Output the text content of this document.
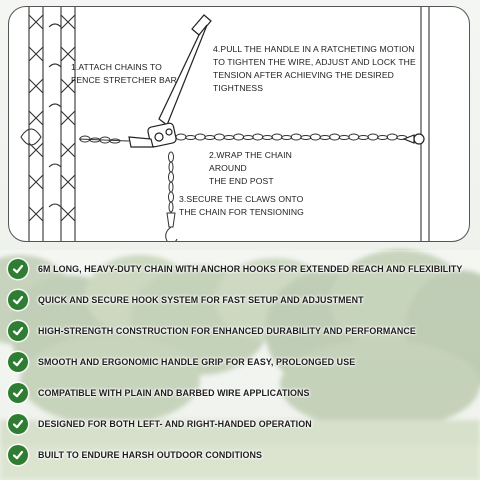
1.ATTACH CHAINS TO
FENCE STRETCHER BAR
4.PULL THE HANDLE IN A RATCHETING MOTION
TO TIGHTEN THE WIRE, ADJUST AND LOCK THE
TENSION AFTER ACHIEVING THE DESIRED
TIGHTNESS
2.WRAP THE CHAIN AROUND
THE END POST
3.SECURE THE CLAWS ONTO
THE CHAIN FOR TENSIONING
6M LONG, HEAVY-DUTY CHAIN WITH ANCHOR HOOKS FOR EXTENDED REACH AND FLEXIBILITY
QUICK AND SECURE HOOK SYSTEM FOR FAST SETUP AND ADJUSTMENT
HIGH-STRENGTH CONSTRUCTION FOR ENHANCED DURABILITY AND PERFORMANCE
SMOOTH AND ERGONOMIC HANDLE GRIP FOR EASY, PROLONGED USE
COMPATIBLE WITH PLAIN AND BARBED WIRE APPLICATIONS
DESIGNED FOR BOTH LEFT- AND RIGHT-HANDED OPERATION
BUILT TO ENDURE HARSH OUTDOOR CONDITIONS
